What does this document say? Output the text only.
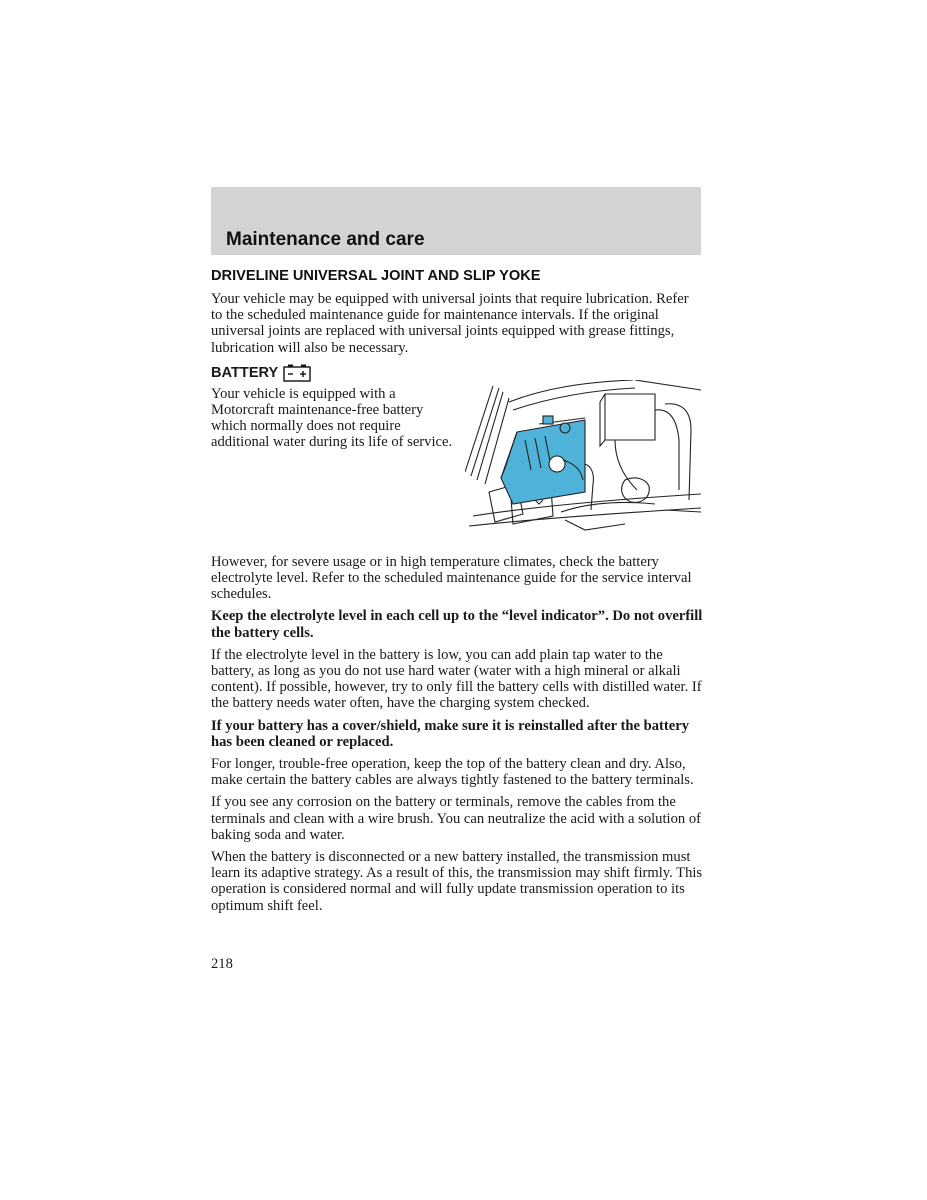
Maintenance and care
DRIVELINE UNIVERSAL JOINT AND SLIP YOKE

Your vehicle may be equipped with universal joints that require lubrication. Refer to the scheduled maintenance guide for maintenance intervals. If the original universal joints are replaced with universal joints equipped with grease fittings, lubrication will also be necessary.

BATTERY
Your vehicle is equipped with a Motorcraft maintenance-free battery which normally does not require additional water during its life of service.

However, for severe usage or in high temperature climates, check the battery electrolyte level. Refer to the scheduled maintenance guide for the service interval schedules.

Keep the electrolyte level in each cell up to the “level indicator”. Do not overfill the battery cells.

If the electrolyte level in the battery is low, you can add plain tap water to the battery, as long as you do not use hard water (water with a high mineral or alkali content). If possible, however, try to only fill the battery cells with distilled water. If the battery needs water often, have the charging system checked.

If your battery has a cover/shield, make sure it is reinstalled after the battery has been cleaned or replaced.

For longer, trouble-free operation, keep the top of the battery clean and dry. Also, make certain the battery cables are always tightly fastened to the battery terminals.

If you see any corrosion on the battery or terminals, remove the cables from the terminals and clean with a wire brush. You can neutralize the acid with a solution of baking soda and water.

When the battery is disconnected or a new battery installed, the transmission must learn its adaptive strategy. As a result of this, the transmission may shift firmly. This operation is considered normal and will fully update transmission operation to its optimum shift feel.

218
